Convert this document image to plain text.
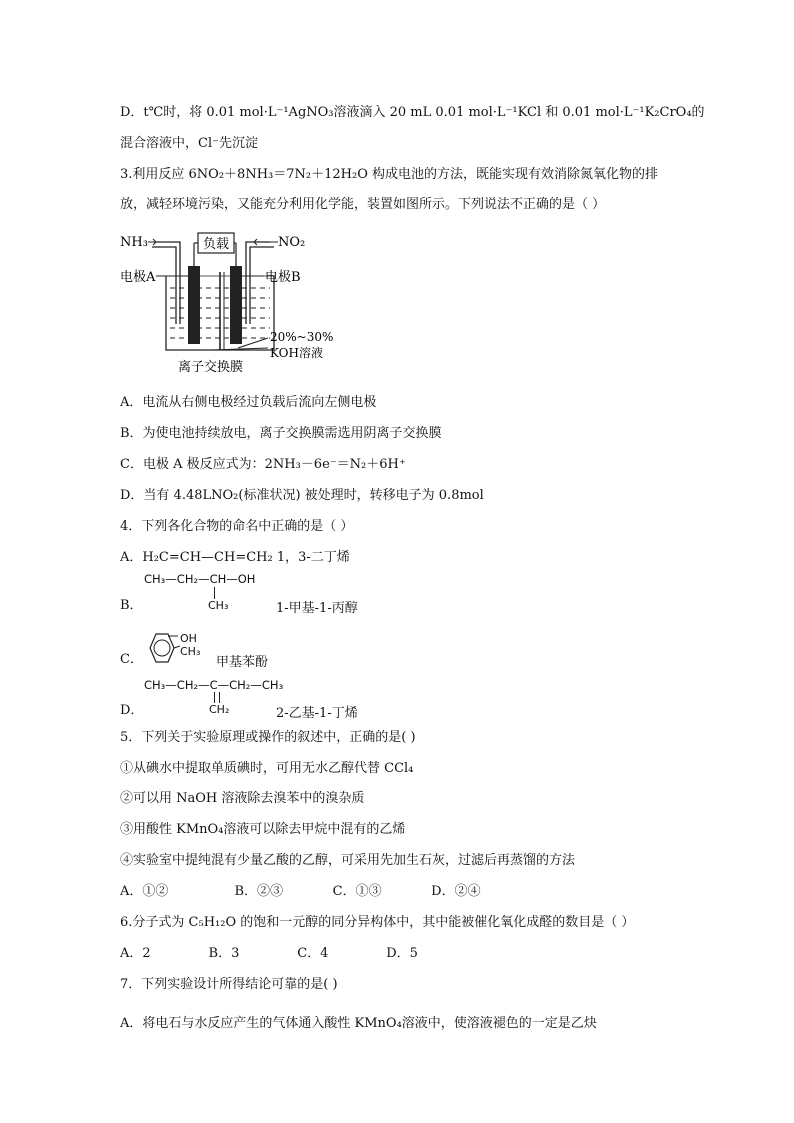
D．t℃时，将 0.01 mol·L⁻¹AgNO₃溶液滴入 20 mL 0.01 mol·L⁻¹KCl 和 0.01 mol·L⁻¹K₂CrO₄的
混合溶液中，Cl⁻先沉淀
3.利用反应 6NO₂＋8NH₃＝7N₂＋12H₂O 构成电池的方法，既能实现有效消除氮氧化物的排
放，减轻环境污染，又能充分利用化学能，装置如图所示。下列说法不正确的是（ ）
NH₃	NO₂
负载
电极A	电极B
20%~30%
KOH溶液
离子交换膜
A．电流从右侧电极经过负载后流向左侧电极
B．为使电池持续放电，离子交换膜需选用阴离子交换膜
C．电极 A 极反应式为：2NH₃－6e⁻＝N₂＋6H⁺
D．当有 4.48LNO₂(标准状况) 被处理时，转移电子为 0.8mol
4．下列各化合物的命名中正确的是（ ）
A．H₂C=CH—CH=CH₂ 1，3-二丁烯
CH₃—CH₂—CH—OH
CH₃
B．	1-甲基-1-丙醇
OH
CH₃
C．	甲基苯酚
CH₃—CH₂—C—CH₂—CH₃
CH₂
D．	2-乙基-1-丁烯
5．下列关于实验原理或操作的叙述中，正确的是( )
①从碘水中提取单质碘时，可用无水乙醇代替 CCl₄
②可以用 NaOH 溶液除去溴苯中的溴杂质
③用酸性 KMnO₄溶液可以除去甲烷中混有的乙烯
④实验室中提纯混有少量乙酸的乙醇，可采用先加生石灰，过滤后再蒸馏的方法
A．①②                B．②③            C．①③            D．②④
6.分子式为 C₅H₁₂O 的饱和一元醇的同分异构体中，其中能被催化氧化成醛的数目是（ ）
A．2              B．3              C．4              D．5
7．下列实验设计所得结论可靠的是( )
A．将电石与水反应产生的气体通入酸性 KMnO₄溶液中，使溶液褪色的一定是乙炔
